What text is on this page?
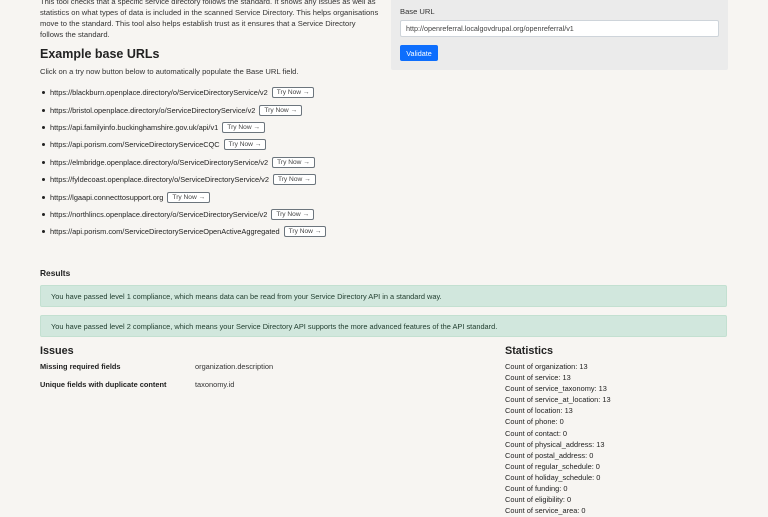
This tool checks that a specific service directory follows the standard. It shows any issues as well as statistics on what types of data is included in the scanned Service Directory. This helps organisations move to the standard. This tool also helps establish trust as it ensures that a Service Directory follows the standard.
Example base URLs
Click on a try now button below to automatically populate the Base URL field.
https://blackburn.openplace.directory/o/ServiceDirectoryService/v2	Try Now →
https://bristol.openplace.directory/o/ServiceDirectoryService/v2	Try Now →
https://api.familyinfo.buckinghamshire.gov.uk/api/v1	Try Now →
https://api.porism.com/ServiceDirectoryServiceCQC	Try Now →
https://elmbridge.openplace.directory/o/ServiceDirectoryService/v2	Try Now →
https://fyldecoast.openplace.directory/o/ServiceDirectoryService/v2	Try Now →
https://lgaapi.connecttosupport.org	Try Now →
https://northlincs.openplace.directory/o/ServiceDirectoryService/v2	Try Now →
https://api.porism.com/ServiceDirectoryServiceOpenActiveAggregated	Try Now →
Base URL
http://openreferral.localgovdrupal.org/openreferral/v1
Validate
Results
You have passed level 1 compliance, which means data can be read from your Service Directory API in a standard way.
You have passed level 2 compliance, which means your Service Directory API supports the more advanced features of the API standard.
Issues
Missing required fields	organization.description
Unique fields with duplicate content	taxonomy.id
Statistics
Count of organization: 13
Count of service: 13
Count of service_taxonomy: 13
Count of service_at_location: 13
Count of location: 13
Count of phone: 0
Count of contact: 0
Count of physical_address: 13
Count of postal_address: 0
Count of regular_schedule: 0
Count of holiday_schedule: 0
Count of funding: 0
Count of eligibility: 0
Count of service_area: 0
